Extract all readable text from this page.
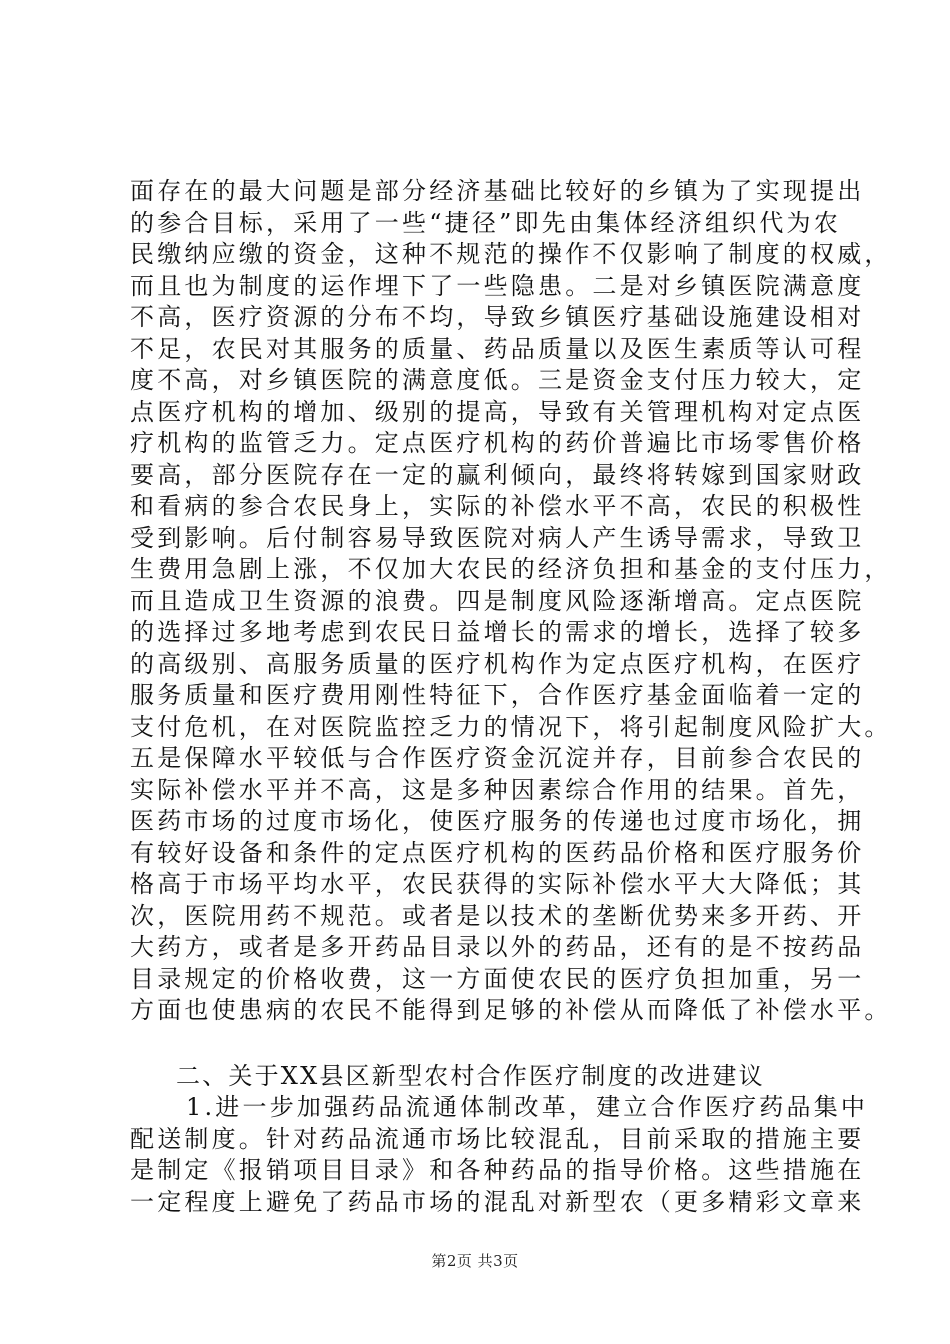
面存在的最大问题是部分经济基础比较好的乡镇为了实现提出
的参合目标，采用了一些“捷径”即先由集体经济组织代为农
民缴纳应缴的资金，这种不规范的操作不仅影响了制度的权威，
而且也为制度的运作埋下了一些隐患。二是对乡镇医院满意度
不高，医疗资源的分布不均，导致乡镇医疗基础设施建设相对
不足，农民对其服务的质量、药品质量以及医生素质等认可程
度不高，对乡镇医院的满意度低。三是资金支付压力较大，定
点医疗机构的增加、级别的提高，导致有关管理机构对定点医
疗机构的监管乏力。定点医疗机构的药价普遍比市场零售价格
要高，部分医院存在一定的赢利倾向，最终将转嫁到国家财政
和看病的参合农民身上，实际的补偿水平不高，农民的积极性
受到影响。后付制容易导致医院对病人产生诱导需求，导致卫
生费用急剧上涨，不仅加大农民的经济负担和基金的支付压力，
而且造成卫生资源的浪费。四是制度风险逐渐增高。定点医院
的选择过多地考虑到农民日益增长的需求的增长，选择了较多
的高级别、高服务质量的医疗机构作为定点医疗机构，在医疗
服务质量和医疗费用刚性特征下，合作医疗基金面临着一定的
支付危机，在对医院监控乏力的情况下，将引起制度风险扩大。
五是保障水平较低与合作医疗资金沉淀并存，目前参合农民的
实际补偿水平并不高，这是多种因素综合作用的结果。首先，
医药市场的过度市场化，使医疗服务的传递也过度市场化，拥
有较好设备和条件的定点医疗机构的医药品价格和医疗服务价
格高于市场平均水平，农民获得的实际补偿水平大大降低；其
次，医院用药不规范。或者是以技术的垄断优势来多开药、开
大药方，或者是多开药品目录以外的药品，还有的是不按药品
目录规定的价格收费，这一方面使农民的医疗负担加重，另一
方面也使患病的农民不能得到足够的补偿从而降低了补偿水平。
二、关于XX县区新型农村合作医疗制度的改进建议
1.进一步加强药品流通体制改革，建立合作医疗药品集中
配送制度。针对药品流通市场比较混乱，目前采取的措施主要
是制定《报销项目目录》和各种药品的指导价格。这些措施在
一定程度上避免了药品市场的混乱对新型农（更多精彩文章来
第2页 共3页
